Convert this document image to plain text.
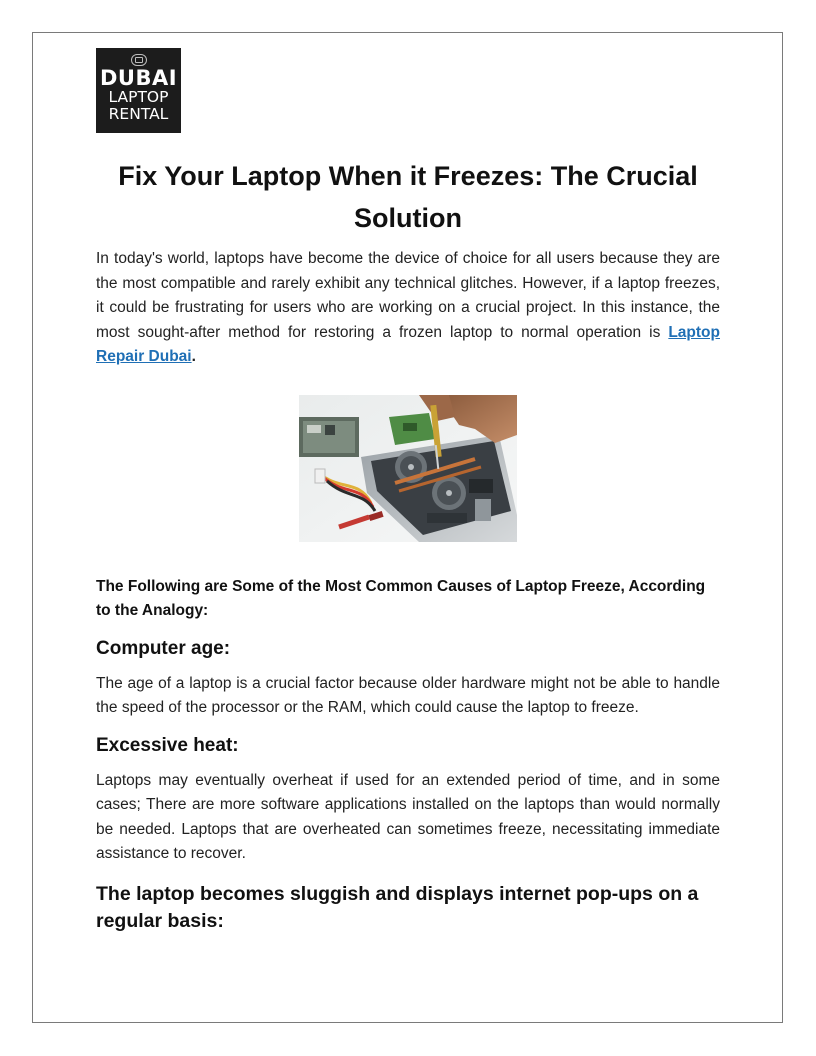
DUBAI
LAPTOP
RENTAL
Fix Your Laptop When it Freezes: The Crucial Solution

In today's world, laptops have become the device of choice for all users because they are the most compatible and rarely exhibit any technical glitches. However, if a laptop freezes, it could be frustrating for users who are working on a crucial project. In this instance, the most sought-after method for restoring a frozen laptop to normal operation is Laptop Repair Dubai.

The Following are Some of the Most Common Causes of Laptop Freeze, According to the Analogy:

Computer age:

The age of a laptop is a crucial factor because older hardware might not be able to handle the speed of the processor or the RAM, which could cause the laptop to freeze.

Excessive heat:

Laptops may eventually overheat if used for an extended period of time, and in some cases; There are more software applications installed on the laptops than would normally be needed. Laptops that are overheated can sometimes freeze, necessitating immediate assistance to recover.

The laptop becomes sluggish and displays internet pop-ups on a regular basis:
